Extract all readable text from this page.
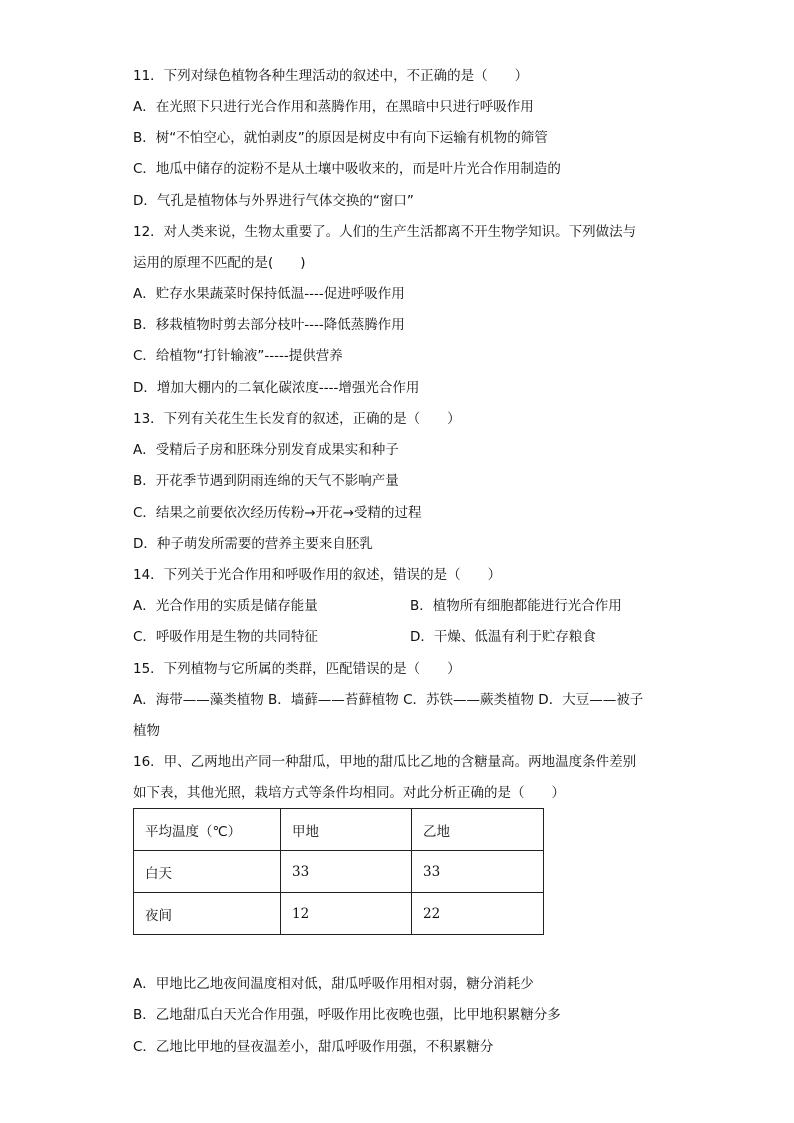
11．下列对绿色植物各种生理活动的叙述中，不正确的是（　　）
A．在光照下只进行光合作用和蒸腾作用，在黑暗中只进行呼吸作用
B．树“不怕空心，就怕剥皮”的原因是树皮中有向下运输有机物的筛管
C．地瓜中储存的淀粉不是从土壤中吸收来的，而是叶片光合作用制造的
D．气孔是植物体与外界进行气体交换的“窗口”
12．对人类来说，生物太重要了。人们的生产生活都离不开生物学知识。下列做法与
运用的原理不匹配的是(　　)
A．贮存水果蔬菜时保持低温----促进呼吸作用
B．移栽植物时剪去部分枝叶----降低蒸腾作用
C．给植物“打针输液”-----提供营养
D．增加大棚内的二氧化碳浓度----增强光合作用
13．下列有关花生生长发育的叙述，正确的是（　　）
A．受精后子房和胚珠分别发育成果实和种子
B．开花季节遇到阴雨连绵的天气不影响产量
C．结果之前要依次经历传粉→开花→受精的过程
D．种子萌发所需要的营养主要来自胚乳
14．下列关于光合作用和呼吸作用的叙述，错误的是（　　）
A．光合作用的实质是储存能量	B．植物所有细胞都能进行光合作用
C．呼吸作用是生物的共同特征	D．干燥、低温有利于贮存粮食
15．下列植物与它所属的类群，匹配错误的是（　　）
A．海带——藻类植物 B．墙藓——苔藓植物 C．苏铁——蕨类植物 D．大豆——被子
植物
16．甲、乙两地出产同一种甜瓜，甲地的甜瓜比乙地的含糖量高。两地温度条件差别
如下表，其他光照，栽培方式等条件均相同。对此分析正确的是（　　）
平均温度（℃）	甲地	乙地
白天	33	33
夜间	12	22
A．甲地比乙地夜间温度相对低，甜瓜呼吸作用相对弱，糖分消耗少
B．乙地甜瓜白天光合作用强，呼吸作用比夜晚也强，比甲地积累糖分多
C．乙地比甲地的昼夜温差小，甜瓜呼吸作用强，不积累糖分
